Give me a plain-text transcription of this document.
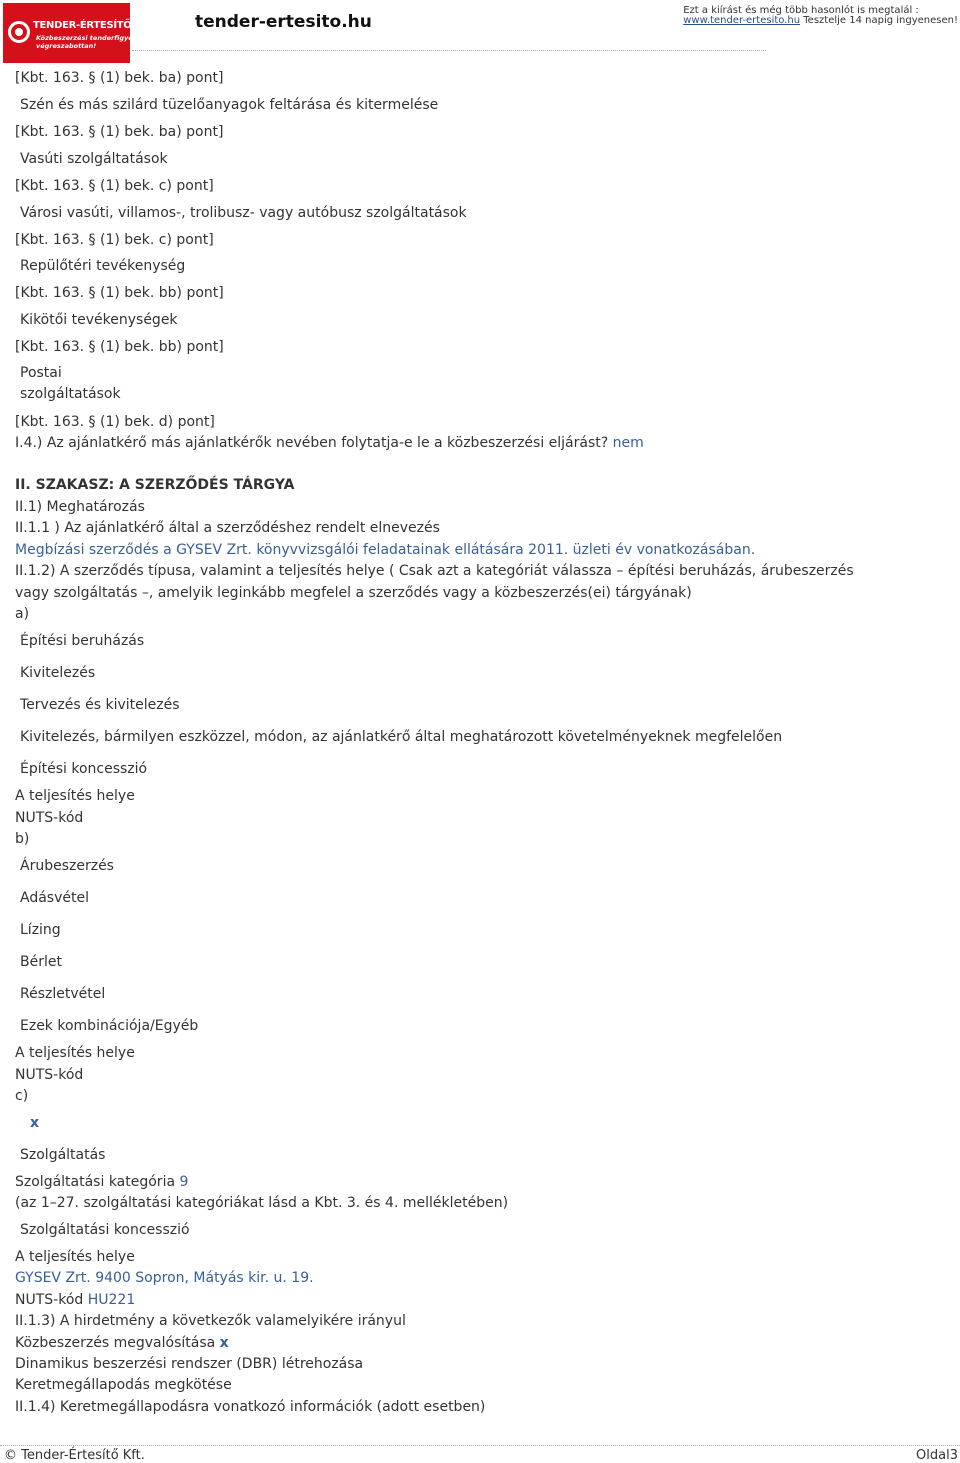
TENDER-ÉRTESÍTŐ.hu
Közbeszerzési tenderfigyelés
végreszabottan!
tender-ertesito.hu
Ezt a kiírást és még több hasonlót is megtalál :
www.tender-ertesito.hu Tesztelje 14 napig ingyenesen!
[Kbt. 163. § (1) bek. ba) pont]
Szén és más szilárd tüzelőanyagok feltárása és kitermelése
[Kbt. 163. § (1) bek. ba) pont]
Vasúti szolgáltatások
[Kbt. 163. § (1) bek. c) pont]
Városi vasúti, villamos-, trolibusz- vagy autóbusz szolgáltatások
[Kbt. 163. § (1) bek. c) pont]
Repülőtéri tevékenység
[Kbt. 163. § (1) bek. bb) pont]
Kikötői tevékenységek
[Kbt. 163. § (1) bek. bb) pont]
Postai
szolgáltatások
[Kbt. 163. § (1) bek. d) pont]
I.4.) Az ajánlatkérő más ajánlatkérők nevében folytatja-e le a közbeszerzési eljárást? nem
II. SZAKASZ: A SZERZŐDÉS TÁRGYA
II.1) Meghatározás
II.1.1 ) Az ajánlatkérő által a szerződéshez rendelt elnevezés
Megbízási szerződés a GYSEV Zrt. könyvvizsgálói feladatainak ellátására 2011. üzleti év vonatkozásában.
II.1.2) A szerződés típusa, valamint a teljesítés helye ( Csak azt a kategóriát válassza – építési beruházás, árubeszerzés
vagy szolgáltatás –, amelyik leginkább megfelel a szerződés vagy a közbeszerzés(ei) tárgyának)
a)
Építési beruházás
Kivitelezés
Tervezés és kivitelezés
Kivitelezés, bármilyen eszközzel, módon, az ajánlatkérő által meghatározott követelményeknek megfelelően
Építési koncesszió
A teljesítés helye
NUTS-kód
b)
Árubeszerzés
Adásvétel
Lízing
Bérlet
Részletvétel
Ezek kombinációja/Egyéb
A teljesítés helye
NUTS-kód
c)
x
Szolgáltatás
Szolgáltatási kategória 9
(az 1–27. szolgáltatási kategóriákat lásd a Kbt. 3. és 4. mellékletében)
Szolgáltatási koncesszió
A teljesítés helye
GYSEV Zrt. 9400 Sopron, Mátyás kir. u. 19.
NUTS-kód HU221
II.1.3) A hirdetmény a következők valamelyikére irányul
Közbeszerzés megvalósítása x
Dinamikus beszerzési rendszer (DBR) létrehozása
Keretmegállapodás megkötése
II.1.4) Keretmegállapodásra vonatkozó információk (adott esetben)
© Tender-Értesítő Kft.	Oldal3
